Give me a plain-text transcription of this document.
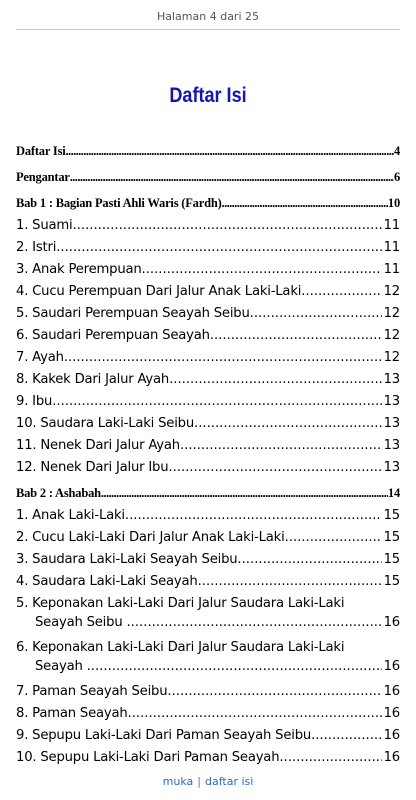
Halaman 4 dari 25
Daftar Isi
Daftar Isi .....	4
Pengantar .....	6
Bab 1 : Bagian Pasti Ahli Waris (Fardh) .....	10
1. Suami .....	11
2. Istri .....	11
3. Anak Perempuan .....	11
4. Cucu Perempuan Dari Jalur Anak Laki-Laki .....	12
5. Saudari Perempuan Seayah Seibu .....	12
6. Saudari Perempuan Seayah .....	12
7. Ayah .....	12
8. Kakek Dari Jalur Ayah .....	13
9. Ibu .....	13
10. Saudara Laki-Laki Seibu .....	13
11. Nenek Dari Jalur Ayah .....	13
12. Nenek Dari Jalur Ibu .....	13
Bab 2 : Ashabah .....	14
1. Anak Laki-Laki .....	15
2. Cucu Laki-Laki Dari Jalur Anak Laki-Laki .....	15
3. Saudara Laki-Laki Seayah Seibu .....	15
4. Saudara Laki-Laki Seayah .....	15
5. Keponakan Laki-Laki Dari Jalur Saudara Laki-Laki
Seayah Seibu .....	16
6. Keponakan Laki-Laki Dari Jalur Saudara Laki-Laki
Seayah .....	16
7. Paman Seayah Seibu .....	16
8. Paman Seayah .....	16
9. Sepupu Laki-Laki Dari Paman Seayah Seibu .....	16
10. Sepupu Laki-Laki Dari Paman Seayah .....	16
muka | daftar isi
